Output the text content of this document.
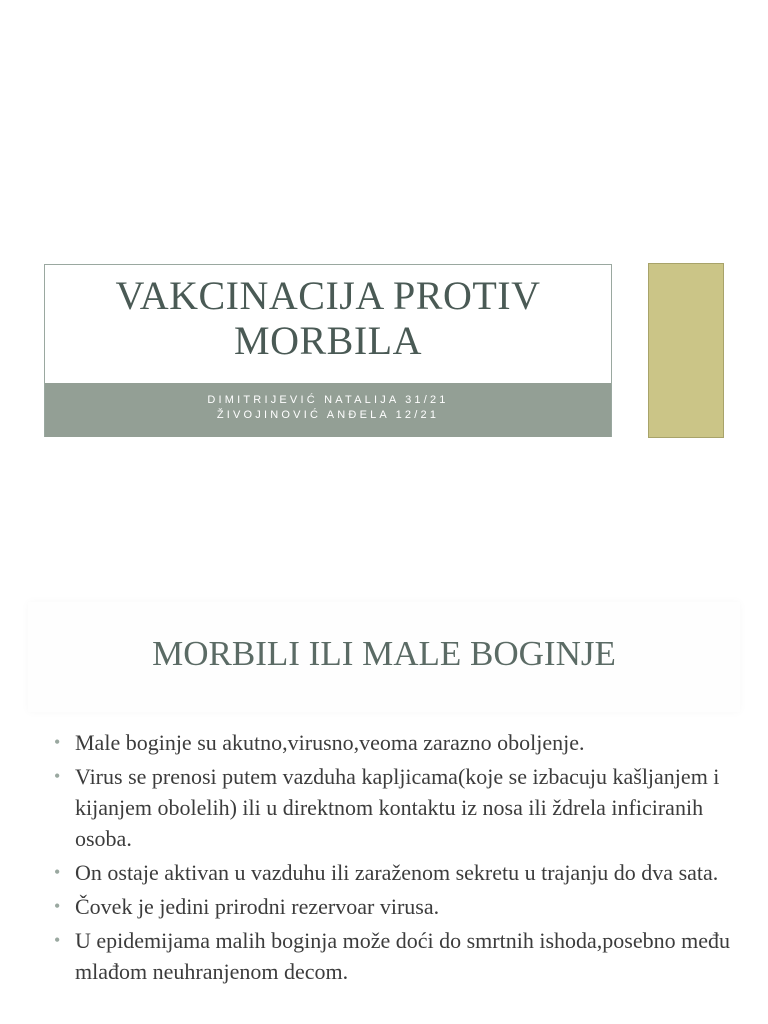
VAKCINACIJA PROTIV
MORBILA
DIMITRIJEVIĆ NATALIJA 31/21
ŽIVOJINOVIĆ ANĐELA 12/21
MORBILI ILI MALE BOGINJE
• Male boginje su akutno,virusno,veoma zarazno oboljenje.
• Virus se prenosi putem vazduha kapljicama(koje se izbacuju kašljanjem i kijanjem obolelih) ili u direktnom kontaktu iz nosa ili ždrela inficiranih osoba.
• On ostaje aktivan u vazduhu ili zaraženom sekretu u trajanju do dva sata.
• Čovek je jedini prirodni rezervoar virusa.
• U epidemijama malih boginja može doći do smrtnih ishoda,posebno među mlađom neuhranjenom decom.
